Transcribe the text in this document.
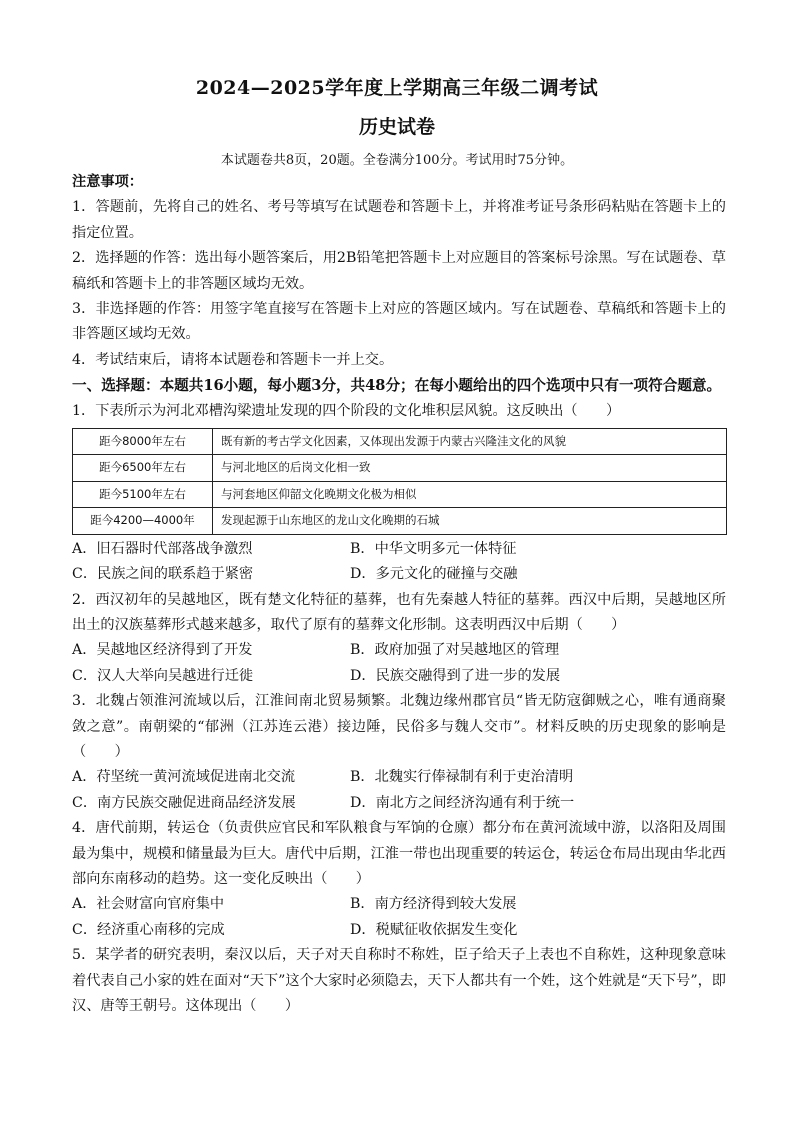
2024—2025学年度上学期高三年级二调考试
历史试卷
本试题卷共8页，20题。全卷满分100分。考试用时75分钟。

注意事项：

1．答题前，先将自己的姓名、考号等填写在试题卷和答题卡上，并将准考证号条形码粘贴在答题卡上的指定位置。

2．选择题的作答：选出每小题答案后，用2B铅笔把答题卡上对应题目的答案标号涂黑。写在试题卷、草稿纸和答题卡上的非答题区域均无效。

3．非选择题的作答：用签字笔直接写在答题卡上对应的答题区域内。写在试题卷、草稿纸和答题卡上的非答题区域均无效。

4．考试结束后，请将本试题卷和答题卡一并上交。

一、选择题：本题共16小题，每小题3分，共48分；在每小题给出的四个选项中只有一项符合题意。

1．下表所示为河北邓槽沟梁遗址发现的四个阶段的文化堆积层风貌。这反映出（　　）

距今8000年左右	既有新的考古学文化因素，又体现出发源于内蒙古兴隆洼文化的风貌
距今6500年左右	与河北地区的后岗文化相一致
距今5100年左右	与河套地区仰韶文化晚期文化极为相似
距今4200—4000年	发现起源于山东地区的龙山文化晚期的石城
A．旧石器时代部落战争激烈	B．中华文明多元一体特征
C．民族之间的联系趋于紧密	D．多元文化的碰撞与交融

2．西汉初年的吴越地区，既有楚文化特征的墓葬，也有先秦越人特征的墓葬。西汉中后期，吴越地区所出土的汉族墓葬形式越来越多，取代了原有的墓葬文化形制。这表明西汉中后期（　　）

A．吴越地区经济得到了开发	B．政府加强了对吴越地区的管理
C．汉人大举向吴越进行迁徙	D．民族交融得到了进一步的发展

3．北魏占领淮河流域以后，江淮间南北贸易频繁。北魏边缘州郡官员“皆无防寇御贼之心，唯有通商聚敛之意”。南朝梁的“郁洲（江苏连云港）接边陲，民俗多与魏人交市”。材料反映的历史现象的影响是（　　）

A．苻坚统一黄河流域促进南北交流	B．北魏实行俸禄制有利于吏治清明
C．南方民族交融促进商品经济发展	D．南北方之间经济沟通有利于统一

4．唐代前期，转运仓（负责供应官民和军队粮食与军饷的仓廪）都分布在黄河流域中游，以洛阳及周围最为集中，规模和储量最为巨大。唐代中后期，江淮一带也出现重要的转运仓，转运仓布局出现由华北西部向东南移动的趋势。这一变化反映出（　　）

A．社会财富向官府集中	B．南方经济得到较大发展
C．经济重心南移的完成	D．税赋征收依据发生变化

5．某学者的研究表明，秦汉以后，天子对天自称时不称姓，臣子给天子上表也不自称姓，这种现象意味着代表自己小家的姓在面对“天下”这个大家时必须隐去，天下人都共有一个姓，这个姓就是“天下号”，即汉、唐等王朝号。这体现出（　　）
